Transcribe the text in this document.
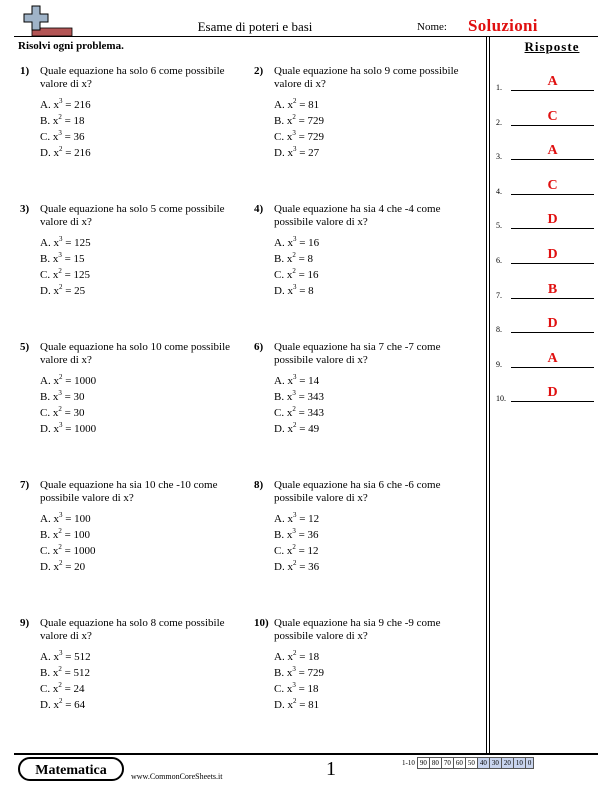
Esame di poteri e basi	Nome: Soluzioni
Risolvi ogni problema.	Risposte
1) Quale equazione ha solo 6 come possibile valore di x?
A. $x^3 = 216$
B. $x^2 = 18$
C. $x^3 = 36$
D. $x^2 = 216$
2) Quale equazione ha solo 9 come possibile valore di x?
A. $x^2 = 81$
B. $x^2 = 729$
C. $x^3 = 729$
D. $x^3 = 27$
3) Quale equazione ha solo 5 come possibile valore di x?
A. $x^3 = 125$
B. $x^3 = 15$
C. $x^2 = 125$
D. $x^2 = 25$
4) Quale equazione ha sia 4 che -4 come possibile valore di x?
A. $x^3 = 16$
B. $x^2 = 8$
C. $x^2 = 16$
D. $x^3 = 8$
5) Quale equazione ha solo 10 come possibile valore di x?
A. $x^2 = 1000$
B. $x^3 = 30$
C. $x^2 = 30$
D. $x^3 = 1000$
6) Quale equazione ha sia 7 che -7 come possibile valore di x?
A. $x^3 = 14$
B. $x^3 = 343$
C. $x^2 = 343$
D. $x^2 = 49$
7) Quale equazione ha sia 10 che -10 come possibile valore di x?
A. $x^3 = 100$
B. $x^2 = 100$
C. $x^2 = 1000$
D. $x^2 = 20$
8) Quale equazione ha sia 6 che -6 come possibile valore di x?
A. $x^3 = 12$
B. $x^3 = 36$
C. $x^2 = 12$
D. $x^2 = 36$
9) Quale equazione ha solo 8 come possibile valore di x?
A. $x^3 = 512$
B. $x^2 = 512$
C. $x^2 = 24$
D. $x^2 = 64$
10) Quale equazione ha sia 9 che -9 come possibile valore di x?
A. $x^2 = 18$
B. $x^3 = 729$
C. $x^3 = 18$
D. $x^2 = 81$
1.	A
2.	C
3.	A
4.	C
5.	D
6.	D
7.	B
8.	D
9.	A
10.	D
Matematica	www.CommonCoreSheets.it	1	1-10	90	80	70	60	50	40	30	20	10	0
